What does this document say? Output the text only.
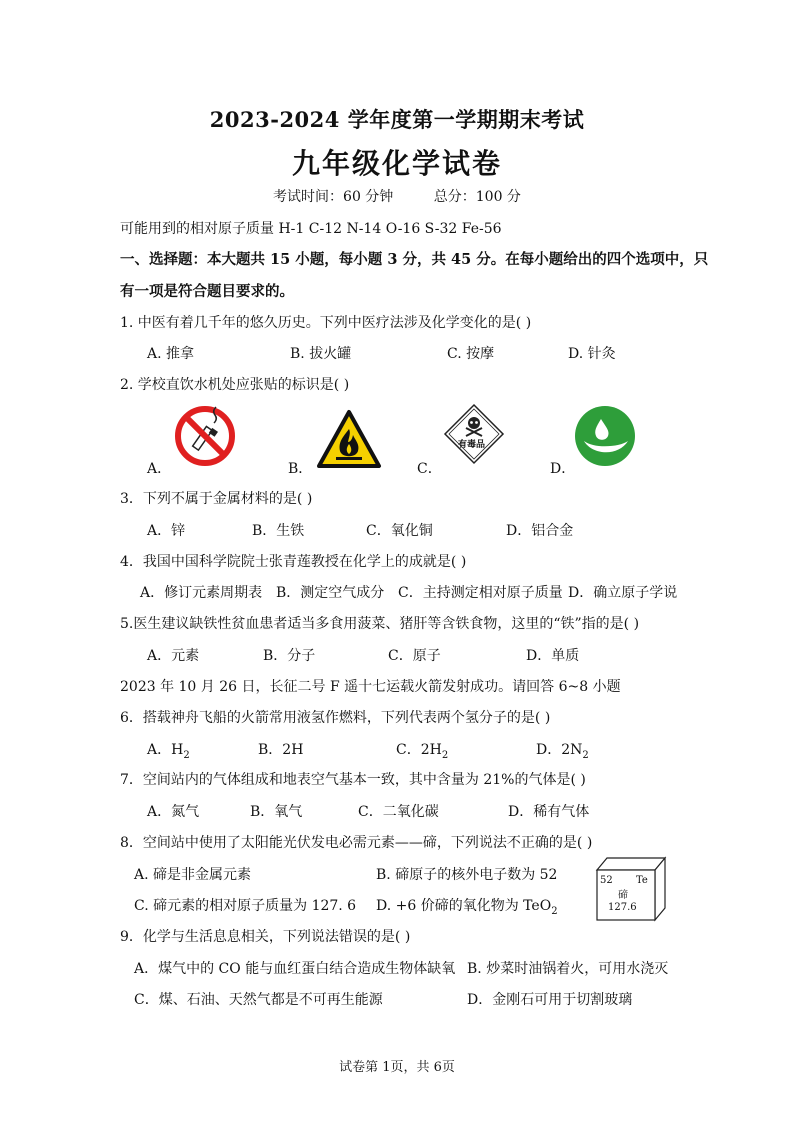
2023-2024 学年度第一学期期末考试
九年级化学试卷
考试时间：60 分钟	总分：100 分
可能用到的相对原子质量 H-1 C-12 N-14 O-16 S-32 Fe-56
一、选择题：本大题共 15 小题，每小题 3 分，共 45 分。在每小题给出的四个选项中，只
有一项是符合题目要求的。
1. 中医有着几千年的悠久历史。下列中医疗法涉及化学变化的是( )
A. 推拿	B. 拔火罐	C. 按摩	D. 针灸
2. 学校直饮水机处应张贴的标识是( )
A．	B．	C．
有毒品
D．
3．下列不属于金属材料的是( )
A．锌	B．生铁	C．氧化铜	D．铝合金
4．我国中国科学院院士张青莲教授在化学上的成就是( )
A．修订元素周期表 B．测定空气成分 C．主持测定相对原子质量 D．确立原子学说
5.医生建议缺铁性贫血患者适当多食用菠菜、猪肝等含铁食物，这里的“铁”指的是( )
A．元素	B．分子	C．原子	D．单质
2023 年 10 月 26 日，长征二号 F 遥十七运载火箭发射成功。请回答 6~8 小题
6．搭载神舟飞船的火箭常用液氢作燃料，下列代表两个氢分子的是( )
A．$H_2$	B．2H	C．$2H_2$	D．$2N_2$
7．空间站内的气体组成和地表空气基本一致，其中含量为 21%的气体是( )
A．氮气	B．氧气	C．二氧化碳	D．稀有气体
8．空间站中使用了太阳能光伏发电必需元素——碲，下列说法不正确的是( )
A. 碲是非金属元素	B. 碲原子的核外电子数为 52
C. 碲元素的相对原子质量为 127. 6 D. +6 价碲的氧化物为 TeO$_2$
52 Te
碲
127.6
9．化学与生活息息相关，下列说法错误的是( )
A．煤气中的 CO 能与血红蛋白结合造成生物体缺氧 B. 炒菜时油锅着火，可用水浇灭
C．煤、石油、天然气都是不可再生能源	D．金刚石可用于切割玻璃
试卷第 1页，共 6页
